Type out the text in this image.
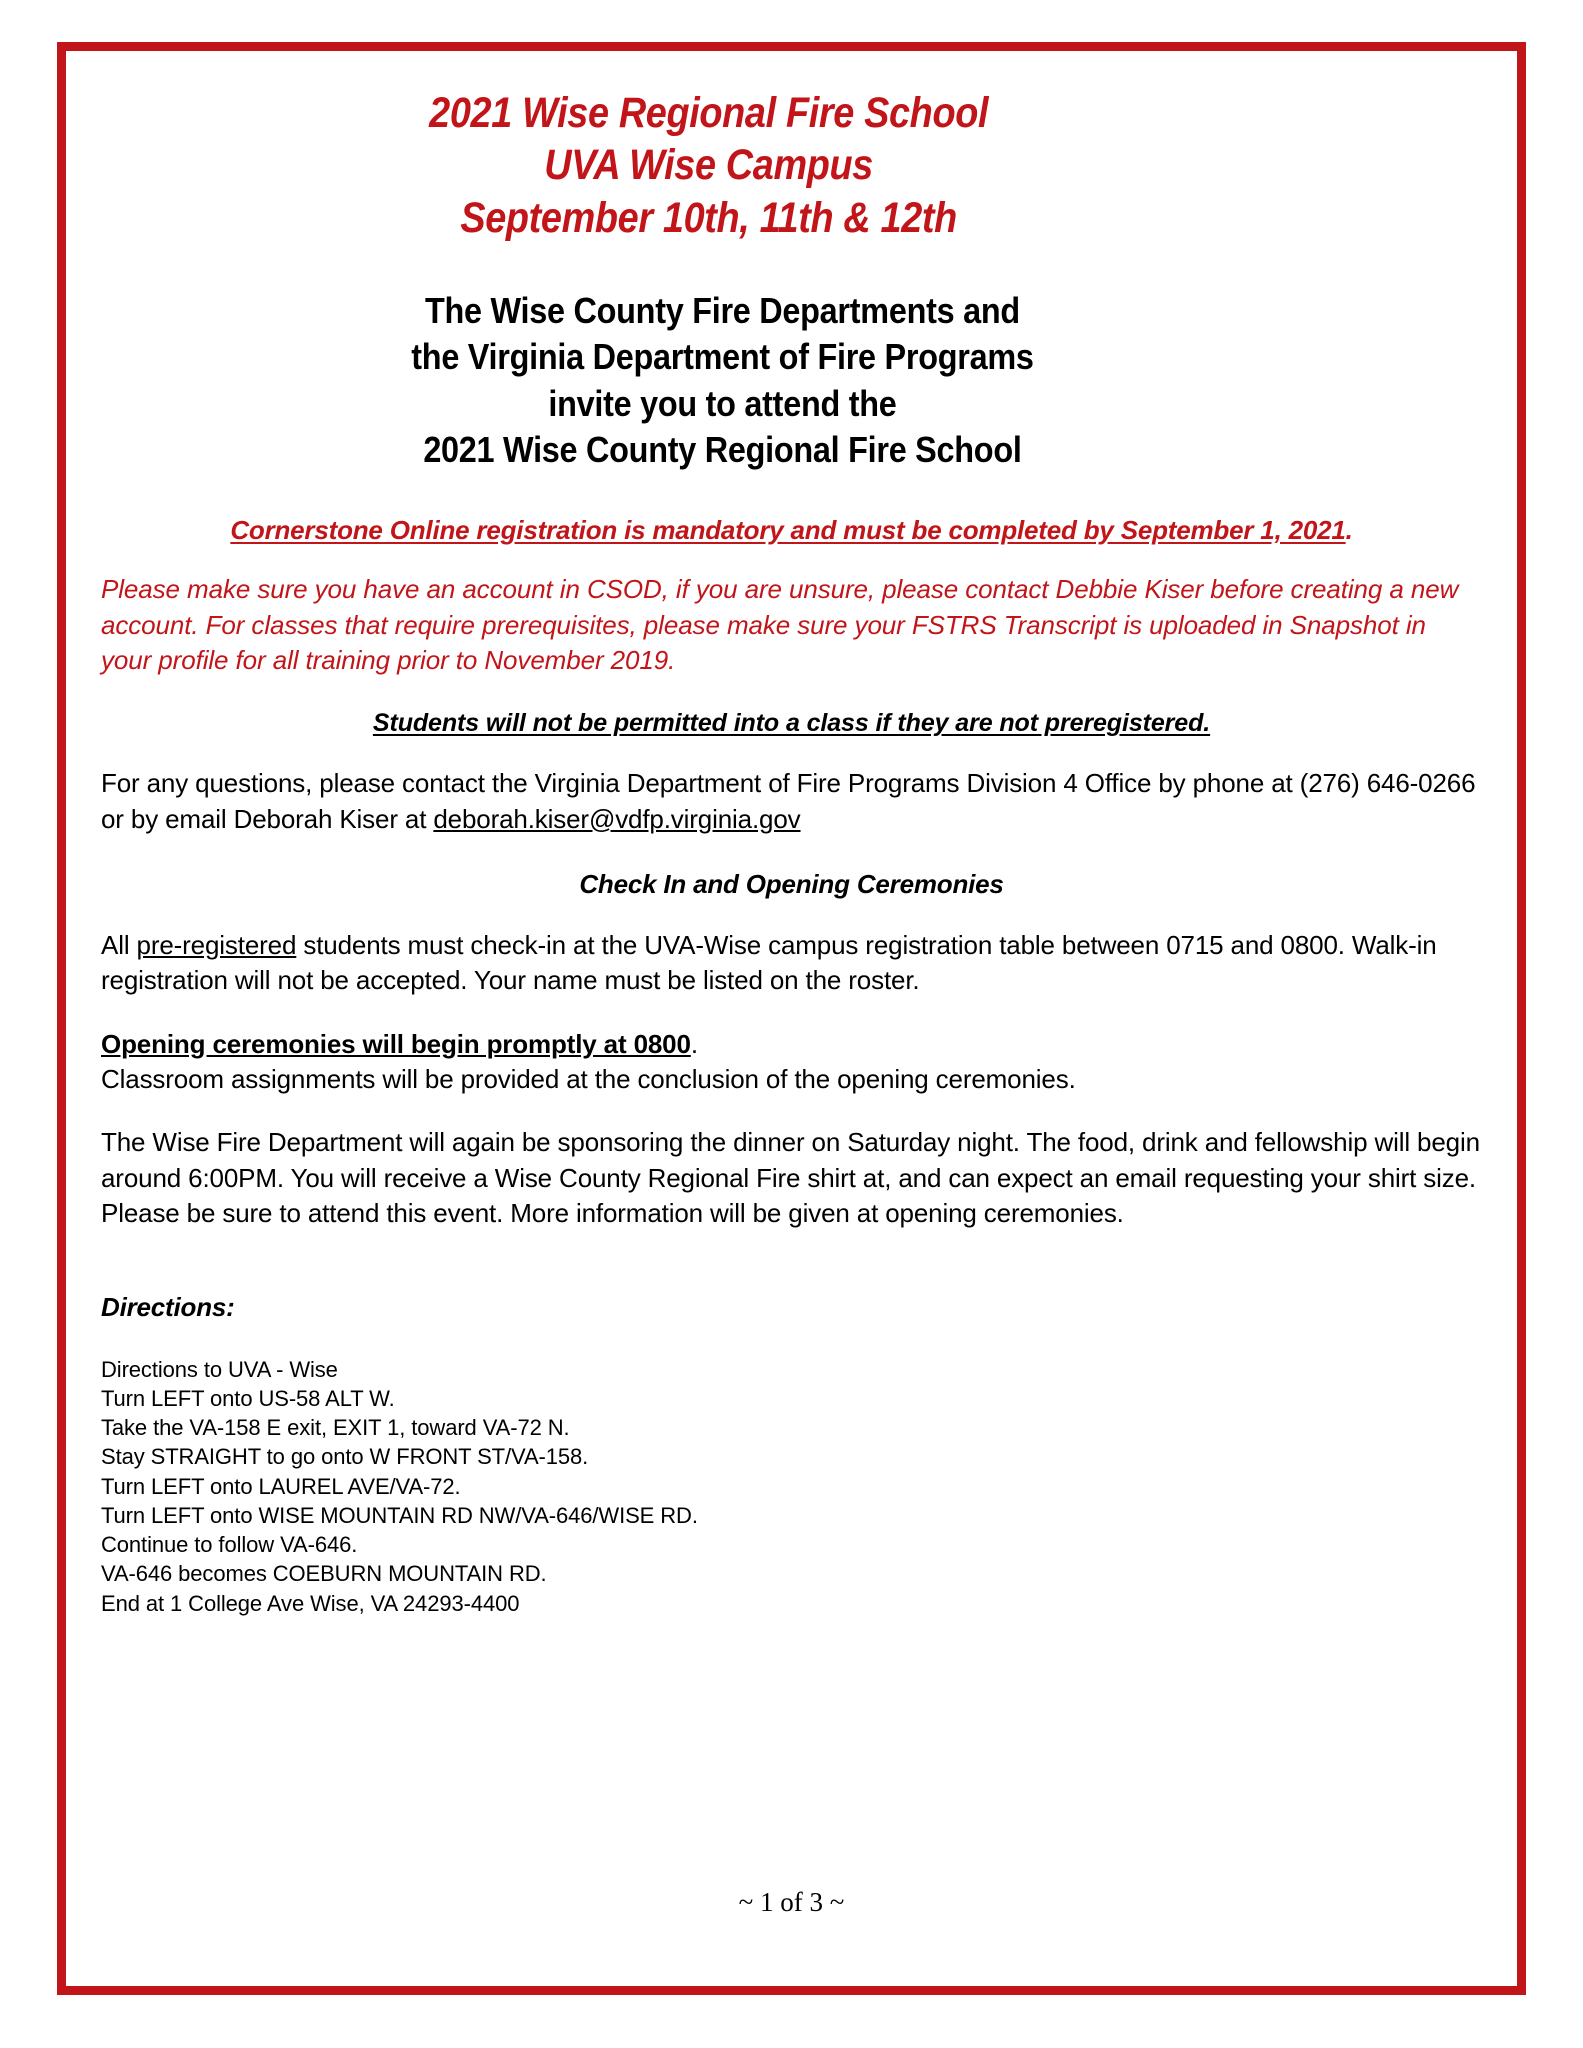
2021 Wise Regional Fire School
UVA Wise Campus
September 10th, 11th & 12th
The Wise County Fire Departments and
the Virginia Department of Fire Programs
invite you to attend the
2021 Wise County Regional Fire School
Cornerstone Online registration is mandatory and must be completed by September 1, 2021.
Please make sure you have an account in CSOD, if you are unsure, please contact Debbie Kiser before creating a new account. For classes that require prerequisites, please make sure your FSTRS Transcript is uploaded in Snapshot in your profile for all training prior to November 2019.
Students will not be permitted into a class if they are not preregistered.
For any questions, please contact the Virginia Department of Fire Programs Division 4 Office by phone at (276) 646-0266 or by email Deborah Kiser at deborah.kiser@vdfp.virginia.gov
Check In and Opening Ceremonies
All pre-registered students must check-in at the UVA-Wise campus registration table between 0715 and 0800. Walk-in registration will not be accepted. Your name must be listed on the roster.
Opening ceremonies will begin promptly at 0800.
Classroom assignments will be provided at the conclusion of the opening ceremonies.
The Wise Fire Department will again be sponsoring the dinner on Saturday night. The food, drink and fellowship will begin around 6:00PM. You will receive a Wise County Regional Fire shirt at, and can expect an email requesting your shirt size. Please be sure to attend this event. More information will be given at opening ceremonies.
Directions:
Directions to UVA - Wise
Turn LEFT onto US-58 ALT W.
Take the VA-158 E exit, EXIT 1, toward VA-72 N.
Stay STRAIGHT to go onto W FRONT ST/VA-158.
Turn LEFT onto LAUREL AVE/VA-72.
Turn LEFT onto WISE MOUNTAIN RD NW/VA-646/WISE RD.
Continue to follow VA-646.
VA-646 becomes COEBURN MOUNTAIN RD.
End at 1 College Ave Wise, VA 24293-4400
~ 1 of 3 ~
